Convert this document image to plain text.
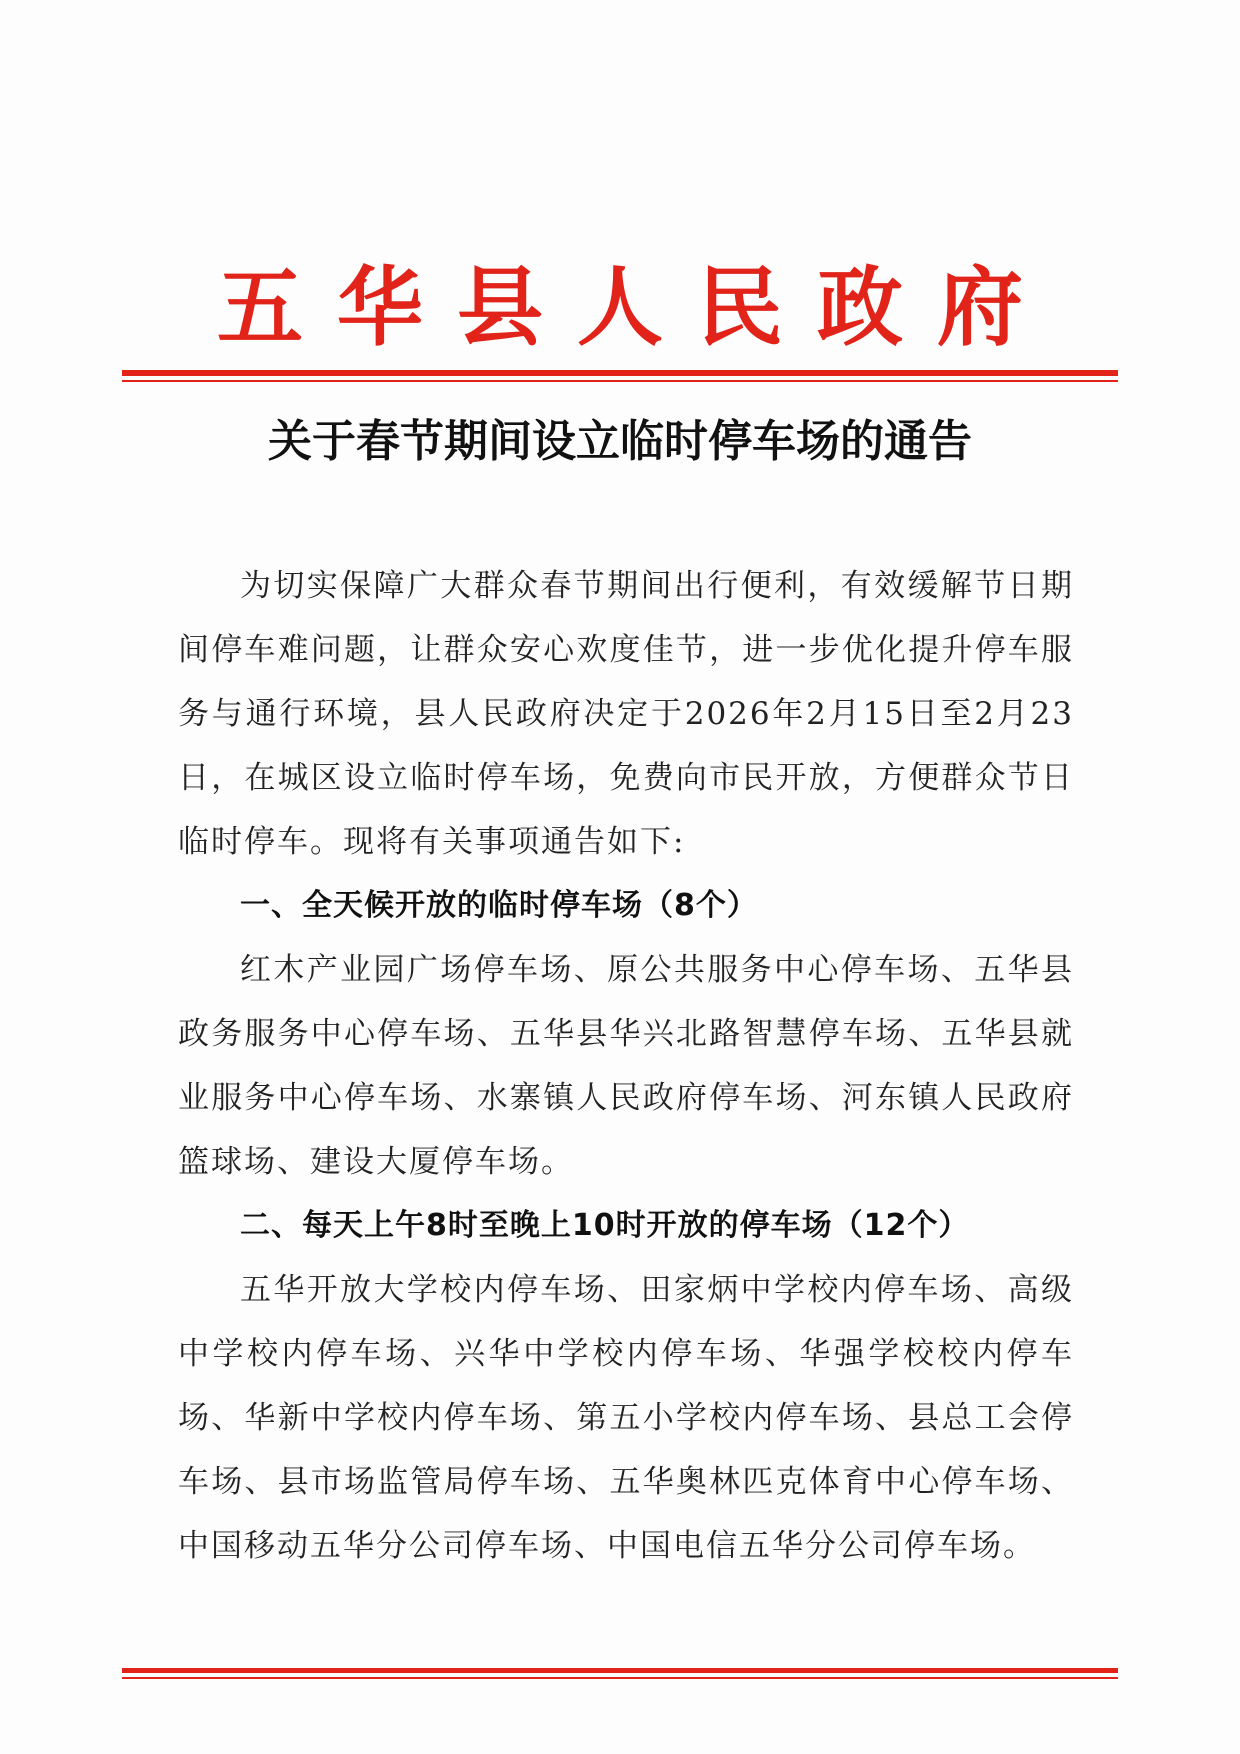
五华县人民政府
关于春节期间设立临时停车场的通告

为切实保障广大群众春节期间出行便利，有效缓解节日期间停车难问题，让群众安心欢度佳节，进一步优化提升停车服务与通行环境，县人民政府决定于2026年2月15日至2月23日，在城区设立临时停车场，免费向市民开放，方便群众节日临时停车。现将有关事项通告如下:

一、全天候开放的临时停车场（8个）

红木产业园广场停车场、原公共服务中心停车场、五华县政务服务中心停车场、五华县华兴北路智慧停车场、五华县就业服务中心停车场、水寨镇人民政府停车场、河东镇人民政府篮球场、建设大厦停车场。

二、每天上午8时至晚上10时开放的停车场（12个）

五华开放大学校内停车场、田家炳中学校内停车场、高级中学校内停车场、兴华中学校内停车场、华强学校校内停车场、华新中学校内停车场、第五小学校内停车场、县总工会停车场、县市场监管局停车场、五华奥林匹克体育中心停车场、中国移动五华分公司停车场、中国电信五华分公司停车场。
